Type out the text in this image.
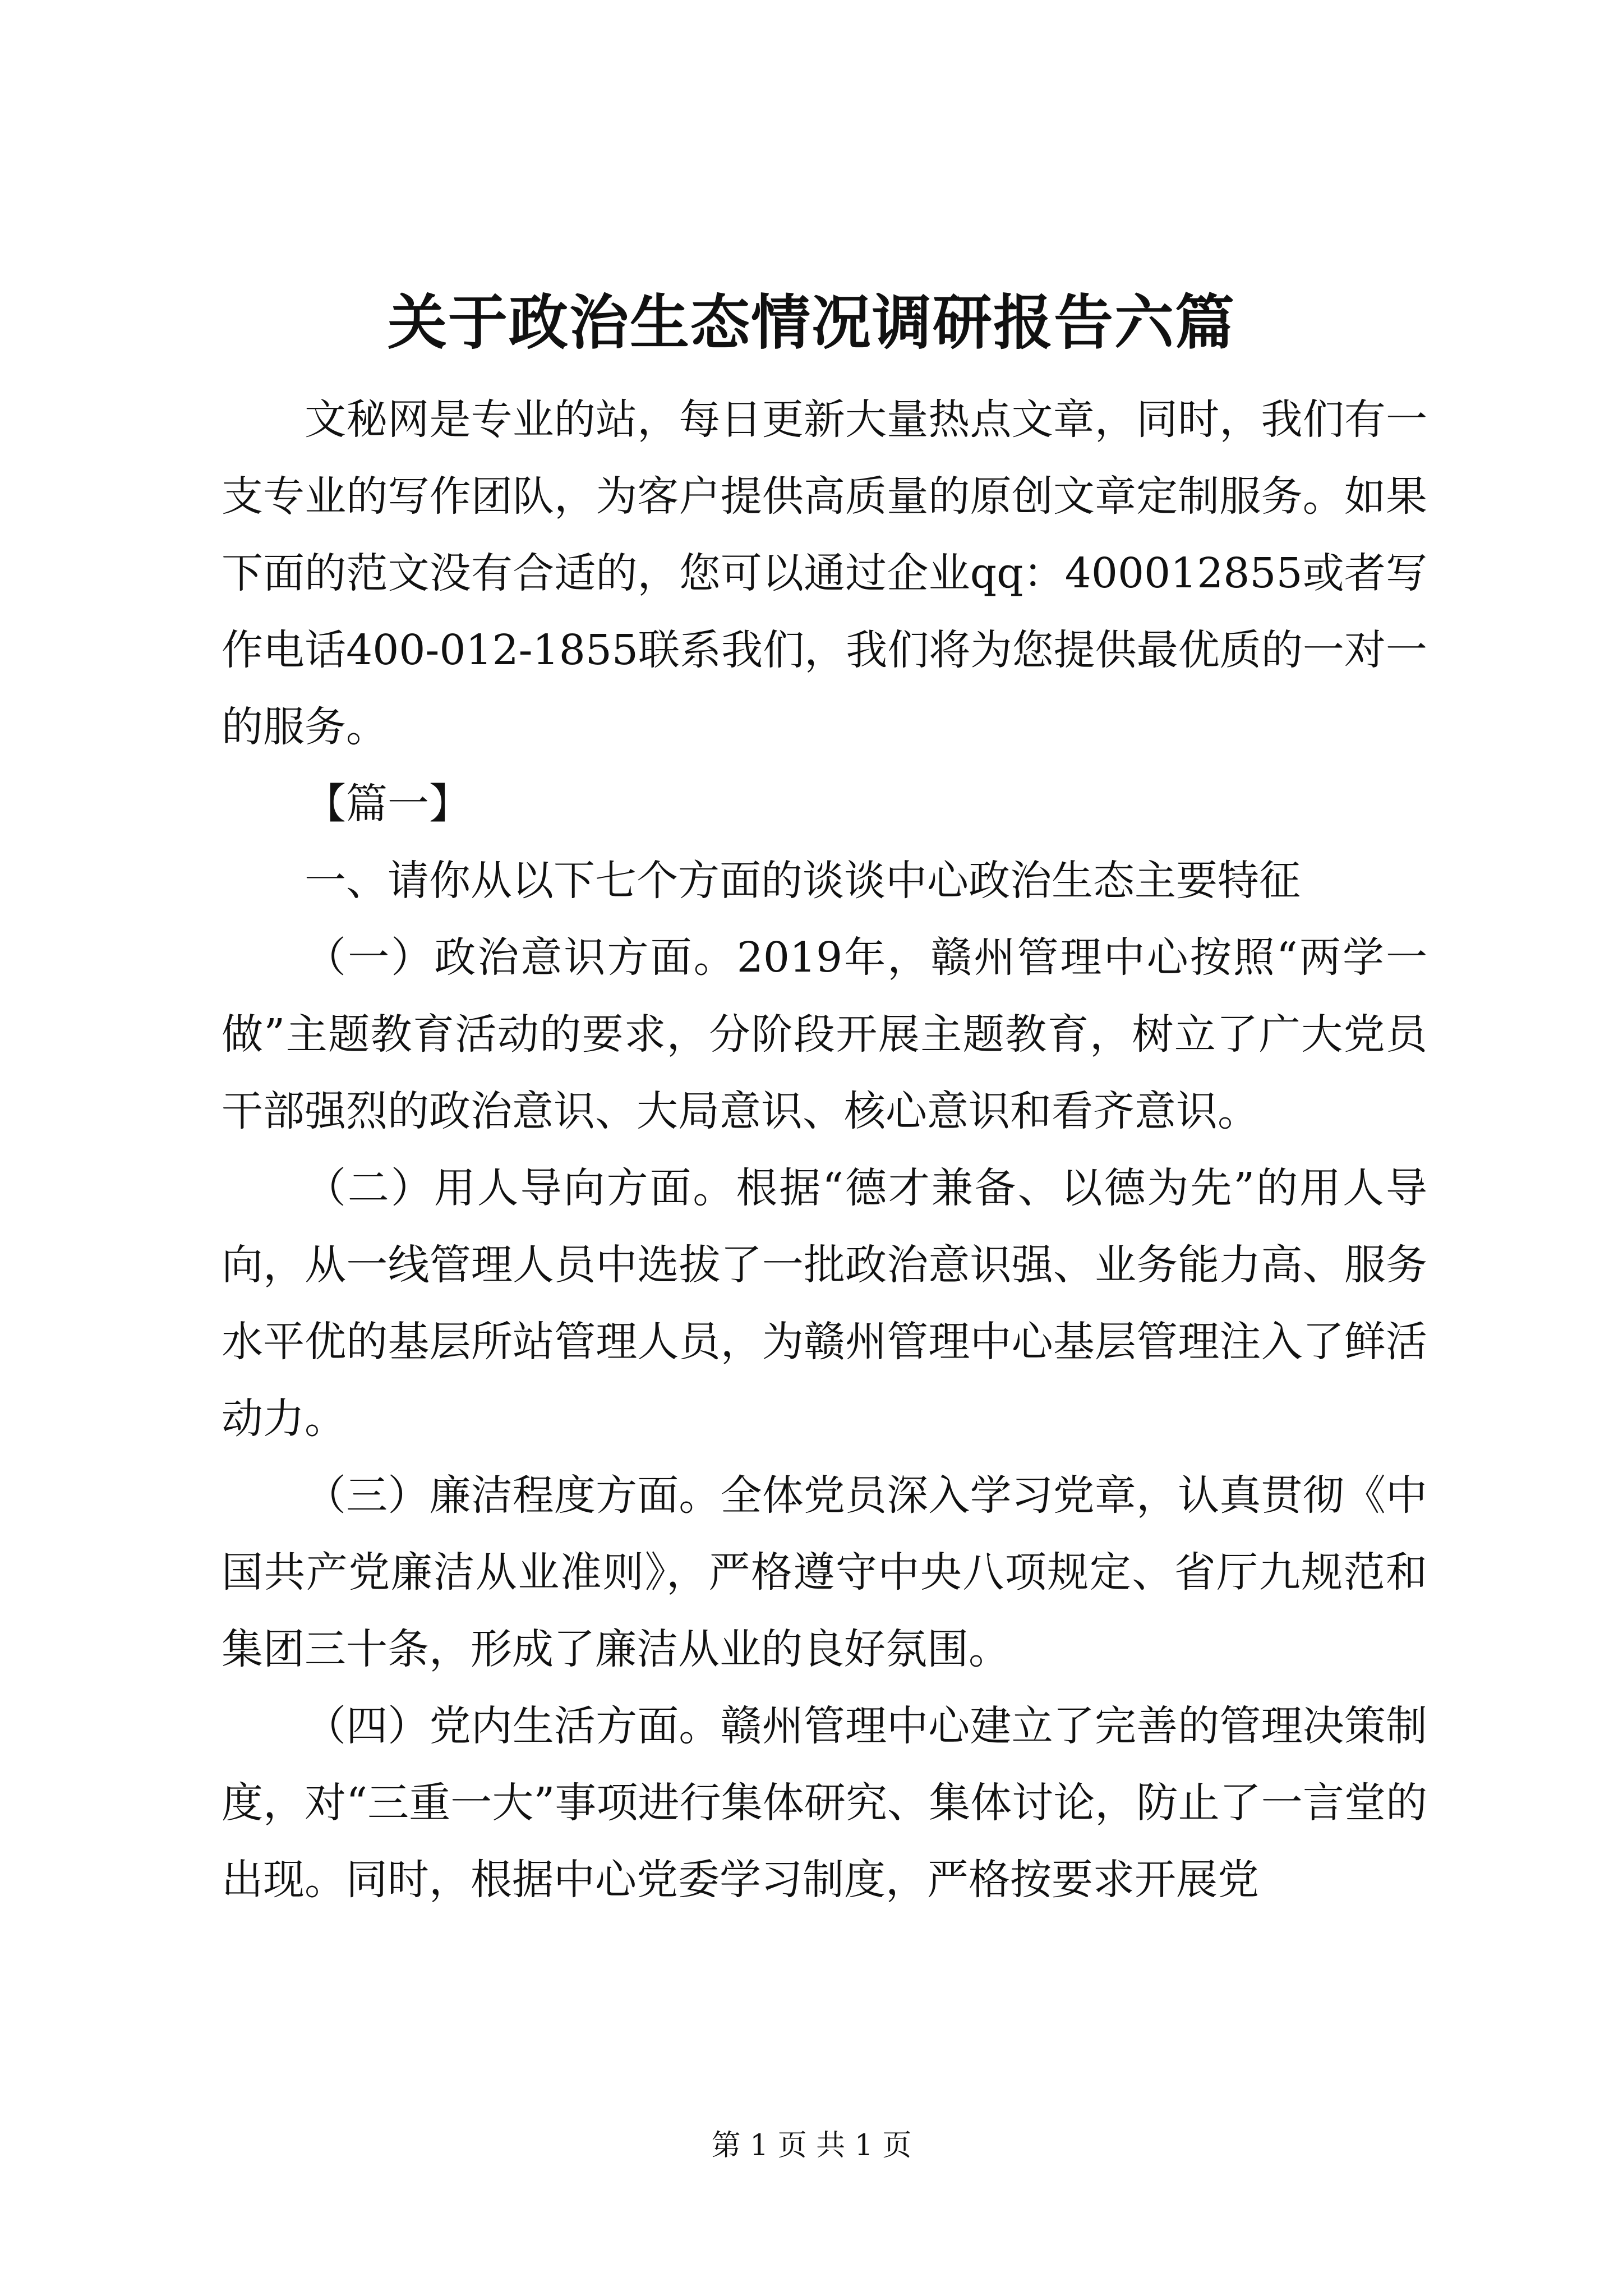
关于政治生态情况调研报告六篇

文秘网是专业的站，每日更新大量热点文章，同时，我们有一支专业的写作团队，为客户提供高质量的原创文章定制服务。如果下面的范文没有合适的，您可以通过企业qq：400012855或者写作电话400-012-1855联系我们，我们将为您提供最优质的一对一的服务。

【篇一】

一、请你从以下七个方面的谈谈中心政治生态主要特征

（一）政治意识方面。2019年，赣州管理中心按照“两学一做”主题教育活动的要求，分阶段开展主题教育，树立了广大党员干部强烈的政治意识、大局意识、核心意识和看齐意识。

（二）用人导向方面。根据“德才兼备、以德为先”的用人导向，从一线管理人员中选拔了一批政治意识强、业务能力高、服务水平优的基层所站管理人员，为赣州管理中心基层管理注入了鲜活动力。

（三）廉洁程度方面。全体党员深入学习党章，认真贯彻《中国共产党廉洁从业准则》，严格遵守中央八项规定、省厅九规范和集团三十条，形成了廉洁从业的良好氛围。

（四）党内生活方面。赣州管理中心建立了完善的管理决策制度，对“三重一大”事项进行集体研究、集体讨论，防止了一言堂的出现。同时，根据中心党委学习制度，严格按要求开展党

第 1 页 共 1 页
